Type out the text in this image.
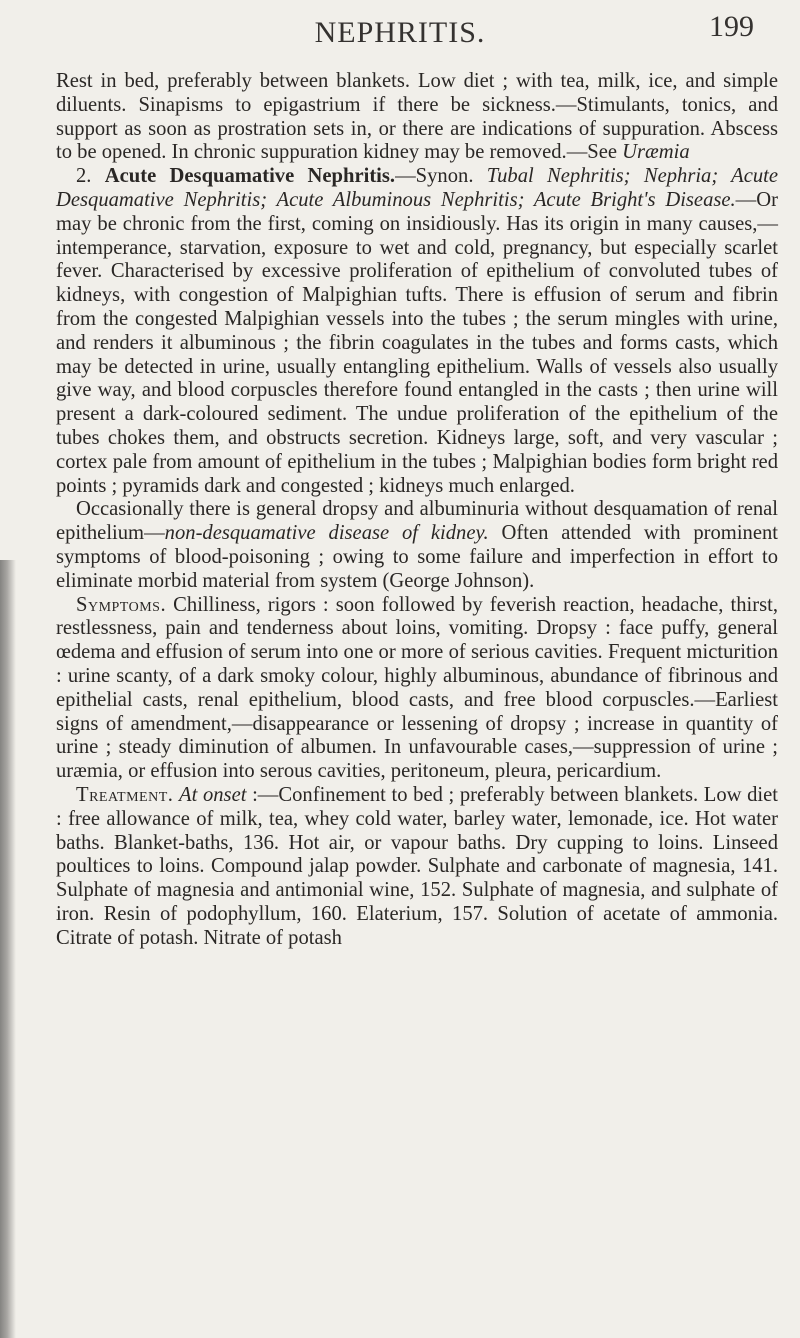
NEPHRITIS.	199

Rest in bed, preferably between blankets. Low diet ; with tea, milk, ice, and simple diluents. Sinapisms to epigastrium if there be sickness.—Stimulants, tonics, and support as soon as prostration sets in, or there are indications of suppuration. Abscess to be opened. In chronic suppuration kidney may be removed.—See Uræmia

2. Acute Desquamative Nephritis.—Synon. Tubal Nephritis; Nephria; Acute Desquamative Nephritis; Acute Albuminous Nephritis; Acute Bright's Disease.—Or may be chronic from the first, coming on insidiously. Has its origin in many causes,—intemperance, starvation, exposure to wet and cold, pregnancy, but especially scarlet fever. Characterised by excessive proliferation of epithelium of convoluted tubes of kidneys, with congestion of Malpighian tufts. There is effusion of serum and fibrin from the congested Malpighian vessels into the tubes ; the serum mingles with urine, and renders it albuminous ; the fibrin coagulates in the tubes and forms casts, which may be detected in urine, usually entangling epithelium. Walls of vessels also usually give way, and blood corpuscles therefore found entangled in the casts ; then urine will present a dark-coloured sediment. The undue proliferation of the epithelium of the tubes chokes them, and obstructs secretion. Kidneys large, soft, and very vascular ; cortex pale from amount of epithelium in the tubes ; Malpighian bodies form bright red points ; pyramids dark and congested ; kidneys much enlarged.

Occasionally there is general dropsy and albuminuria without desquamation of renal epithelium—non-desquamative disease of kidney. Often attended with prominent symptoms of blood-poisoning ; owing to some failure and imperfection in effort to eliminate morbid material from system (George Johnson).

Symptoms. Chilliness, rigors : soon followed by feverish reaction, headache, thirst, restlessness, pain and tenderness about loins, vomiting. Dropsy : face puffy, general œdema and effusion of serum into one or more of serious cavities. Frequent micturition : urine scanty, of a dark smoky colour, highly albuminous, abundance of fibrinous and epithelial casts, renal epithelium, blood casts, and free blood corpuscles.—Earliest signs of amendment,—disappearance or lessening of dropsy ; increase in quantity of urine ; steady diminution of albumen. In unfavourable cases,—suppression of urine ; uræmia, or effusion into serous cavities, peritoneum, pleura, pericardium.

Treatment. At onset :—Confinement to bed ; preferably between blankets. Low diet : free allowance of milk, tea, whey cold water, barley water, lemonade, ice. Hot water baths. Blanket-baths, 136. Hot air, or vapour baths. Dry cupping to loins. Linseed poultices to loins. Compound jalap powder. Sulphate and carbonate of magnesia, 141. Sulphate of magnesia and antimonial wine, 152. Sulphate of magnesia, and sulphate of iron. Resin of podophyllum, 160. Elaterium, 157. Solution of acetate of ammonia. Citrate of potash. Nitrate of potash
